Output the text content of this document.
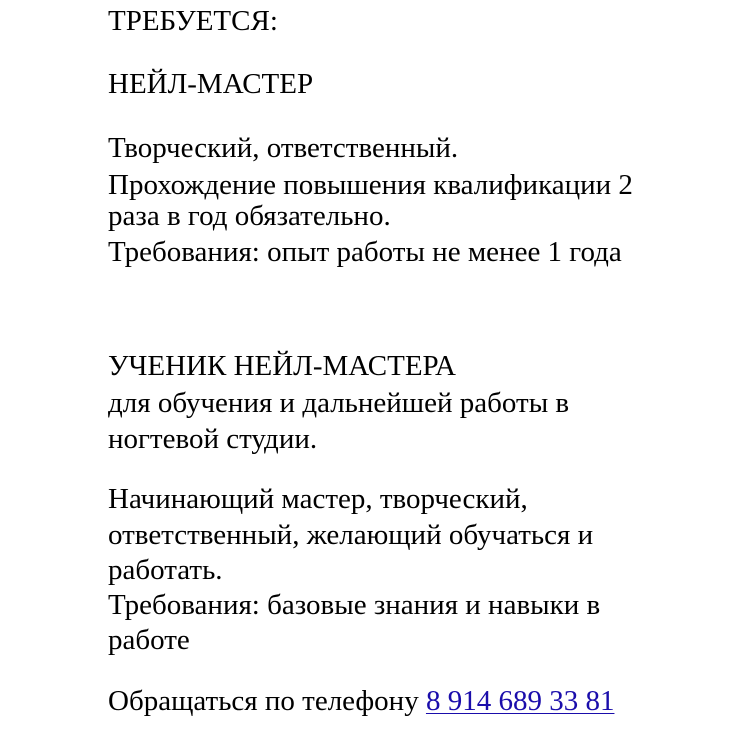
ТРЕБУЕТСЯ:
НЕЙЛ-МАСТЕР
Творческий, ответственный.
Прохождение повышения квалификации 2
раза в год обязательно.
Требования: опыт работы не менее 1 года
УЧЕНИК НЕЙЛ-МАСТЕРА
для обучения и дальнейшей работы в
ногтевой студии.
Начинающий мастер, творческий,
ответственный, желающий обучаться и
работать.
Требования: базовые знания и навыки в
работе
Обращаться по телефону 8 914 689 33 81
